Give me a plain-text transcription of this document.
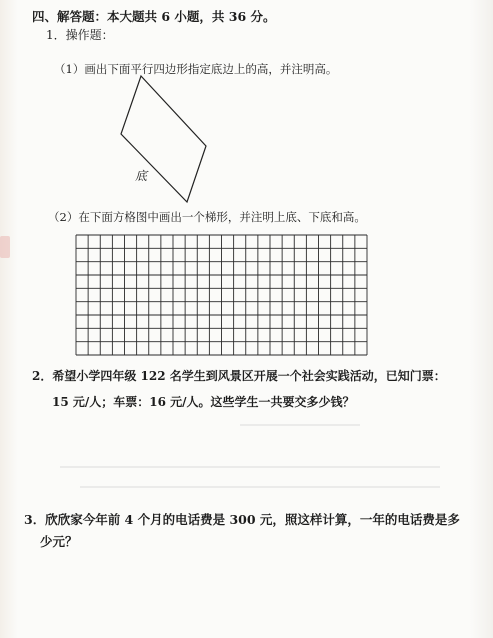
四、解答题：本大题共 6 小题，共 36 分。
1．操作题：
（1）画出下面平行四边形指定底边上的高，并注明高。
底
（2）在下面方格图中画出一个梯形，并注明上底、下底和高。
2．希望小学四年级 122 名学生到风景区开展一个社会实践活动，已知门票：
15 元/人；车票：16 元/人。这些学生一共要交多少钱？
3．欣欣家今年前 4 个月的电话费是 300 元，照这样计算，一年的电话费是多
少元？
